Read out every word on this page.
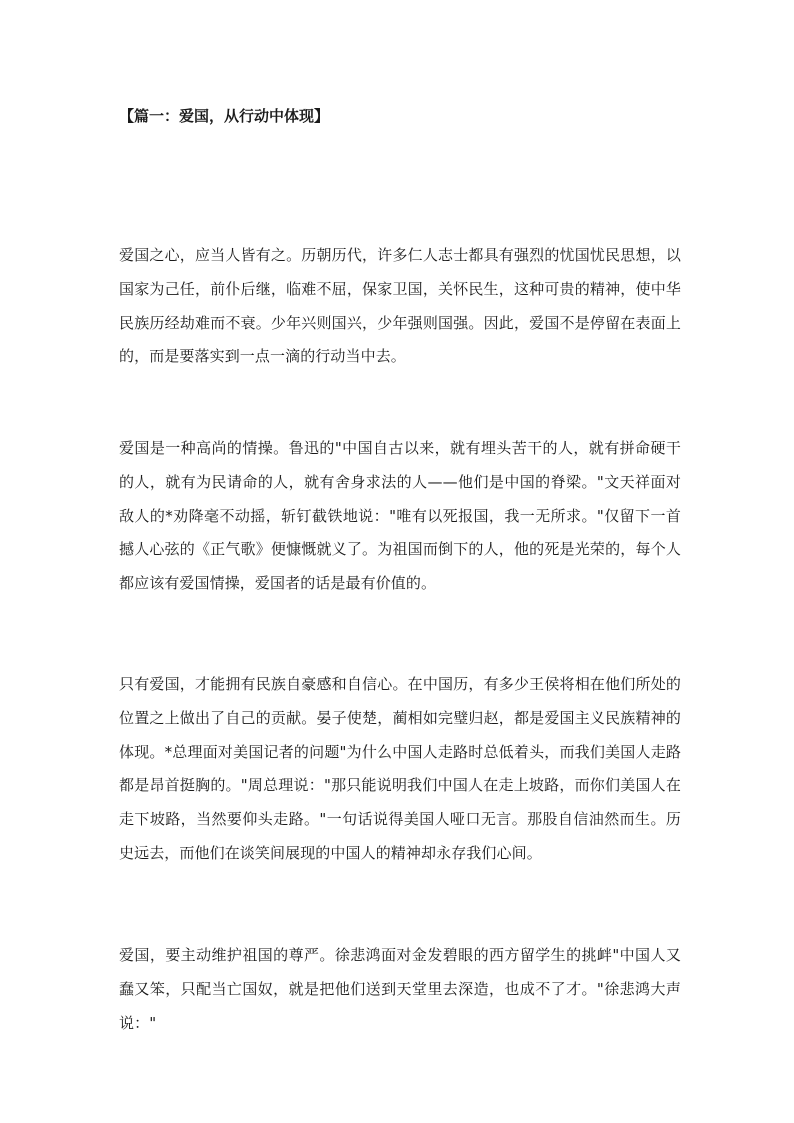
【篇一：爱国，从行动中体现】

爱国之心，应当人皆有之。历朝历代，许多仁人志士都具有强烈的忧国忧民思想，以国家为己任，前仆后继，临难不屈，保家卫国，关怀民生，这种可贵的精神，使中华民族历经劫难而不衰。少年兴则国兴，少年强则国强。因此，爱国不是停留在表面上的，而是要落实到一点一滴的行动当中去。

爱国是一种高尚的情操。鲁迅的"中国自古以来，就有埋头苦干的人，就有拼命硬干的人，就有为民请命的人，就有舍身求法的人——他们是中国的脊梁。"文天祥面对敌人的*劝降毫不动摇，斩钉截铁地说："唯有以死报国，我一无所求。"仅留下一首撼人心弦的《正气歌》便慷慨就义了。为祖国而倒下的人，他的死是光荣的，每个人都应该有爱国情操，爱国者的话是最有价值的。

只有爱国，才能拥有民族自豪感和自信心。在中国历，有多少王侯将相在他们所处的位置之上做出了自己的贡献。晏子使楚，蔺相如完璧归赵，都是爱国主义民族精神的体现。*总理面对美国记者的问题"为什么中国人走路时总低着头，而我们美国人走路都是昂首挺胸的。"周总理说："那只能说明我们中国人在走上坡路，而你们美国人在走下坡路，当然要仰头走路。"一句话说得美国人哑口无言。那股自信油然而生。历史远去，而他们在谈笑间展现的中国人的精神却永存我们心间。

爱国，要主动维护祖国的尊严。徐悲鸿面对金发碧眼的西方留学生的挑衅"中国人又蠢又笨，只配当亡国奴，就是把他们送到天堂里去深造，也成不了才。"徐悲鸿大声说："
